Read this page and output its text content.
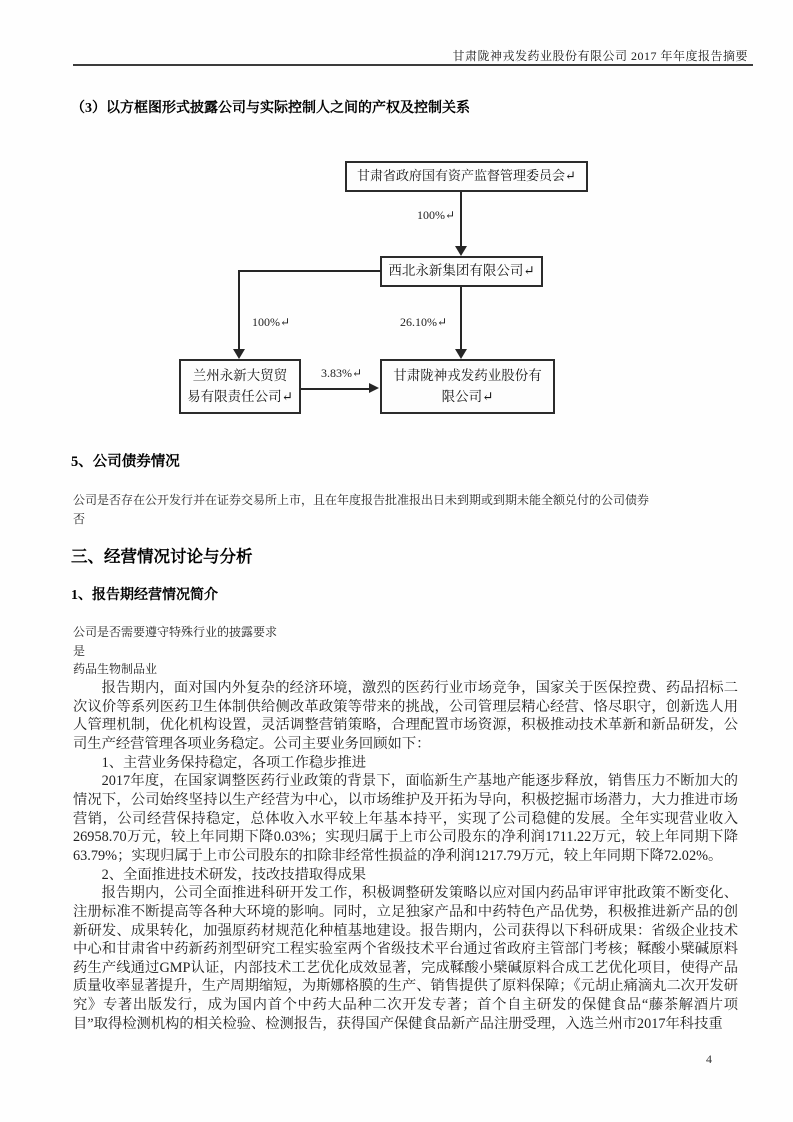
甘肃陇神戎发药业股份有限公司 2017 年年度报告摘要
（3）以方框图形式披露公司与实际控制人之间的产权及控制关系
甘肃省政府国有资产监督管理委员会↵
西北永新集团有限公司↵
兰州永新大贸贸
易有限责任公司↵
甘肃陇神戎发药业股份有
限公司↵
100%↵
100%↵	26.10%↵
3.83%↵
5、公司债券情况
公司是否存在公开发行并在证券交易所上市，且在年度报告批准报出日未到期或到期未能全额兑付的公司债券
否
三、经营情况讨论与分析
1、报告期经营情况简介
公司是否需要遵守特殊行业的披露要求
是
药品生物制品业

报告期内，面对国内外复杂的经济环境，激烈的医药行业市场竞争，国家关于医保控费、药品招标二次议价等系列医药卫生体制供给侧改革政策等带来的挑战，公司管理层精心经营、恪尽职守，创新选人用人管理机制，优化机构设置，灵活调整营销策略，合理配置市场资源，积极推动技术革新和新品研发，公司生产经营管理各项业务稳定。公司主要业务回顾如下：

1、主营业务保持稳定，各项工作稳步推进

2017年度，在国家调整医药行业政策的背景下，面临新生产基地产能逐步释放，销售压力不断加大的情况下，公司始终坚持以生产经营为中心，以市场维护及开拓为导向，积极挖掘市场潜力，大力推进市场营销，公司经营保持稳定，总体收入水平较上年基本持平，实现了公司稳健的发展。全年实现营业收入26958.70万元，较上年同期下降0.03%；实现归属于上市公司股东的净利润1711.22万元，较上年同期下降63.79%；实现归属于上市公司股东的扣除非经常性损益的净利润1217.79万元，较上年同期下降72.02%。

2、全面推进技术研发，技改技措取得成果

报告期内，公司全面推进科研开发工作，积极调整研发策略以应对国内药品审评审批政策不断变化、注册标准不断提高等各种大环境的影响。同时，立足独家产品和中药特色产品优势，积极推进新产品的创新研发、成果转化，加强原药材规范化种植基地建设。报告期内，公司获得以下科研成果：省级企业技术中心和甘肃省中药新药剂型研究工程实验室两个省级技术平台通过省政府主管部门考核；鞣酸小檗碱原料药生产线通过GMP认证，内部技术工艺优化成效显著，完成鞣酸小檗碱原料合成工艺优化项目，使得产品质量收率显著提升，生产周期缩短，为斯娜格膜的生产、销售提供了原料保障；《元胡止痛滴丸二次开发研究》专著出版发行，成为国内首个中药大品种二次开发专著；首个自主研发的保健食品“藤茶解酒片项目”取得检测机构的相关检验、检测报告，获得国产保健食品新产品注册受理，入选兰州市2017年科技重

4
